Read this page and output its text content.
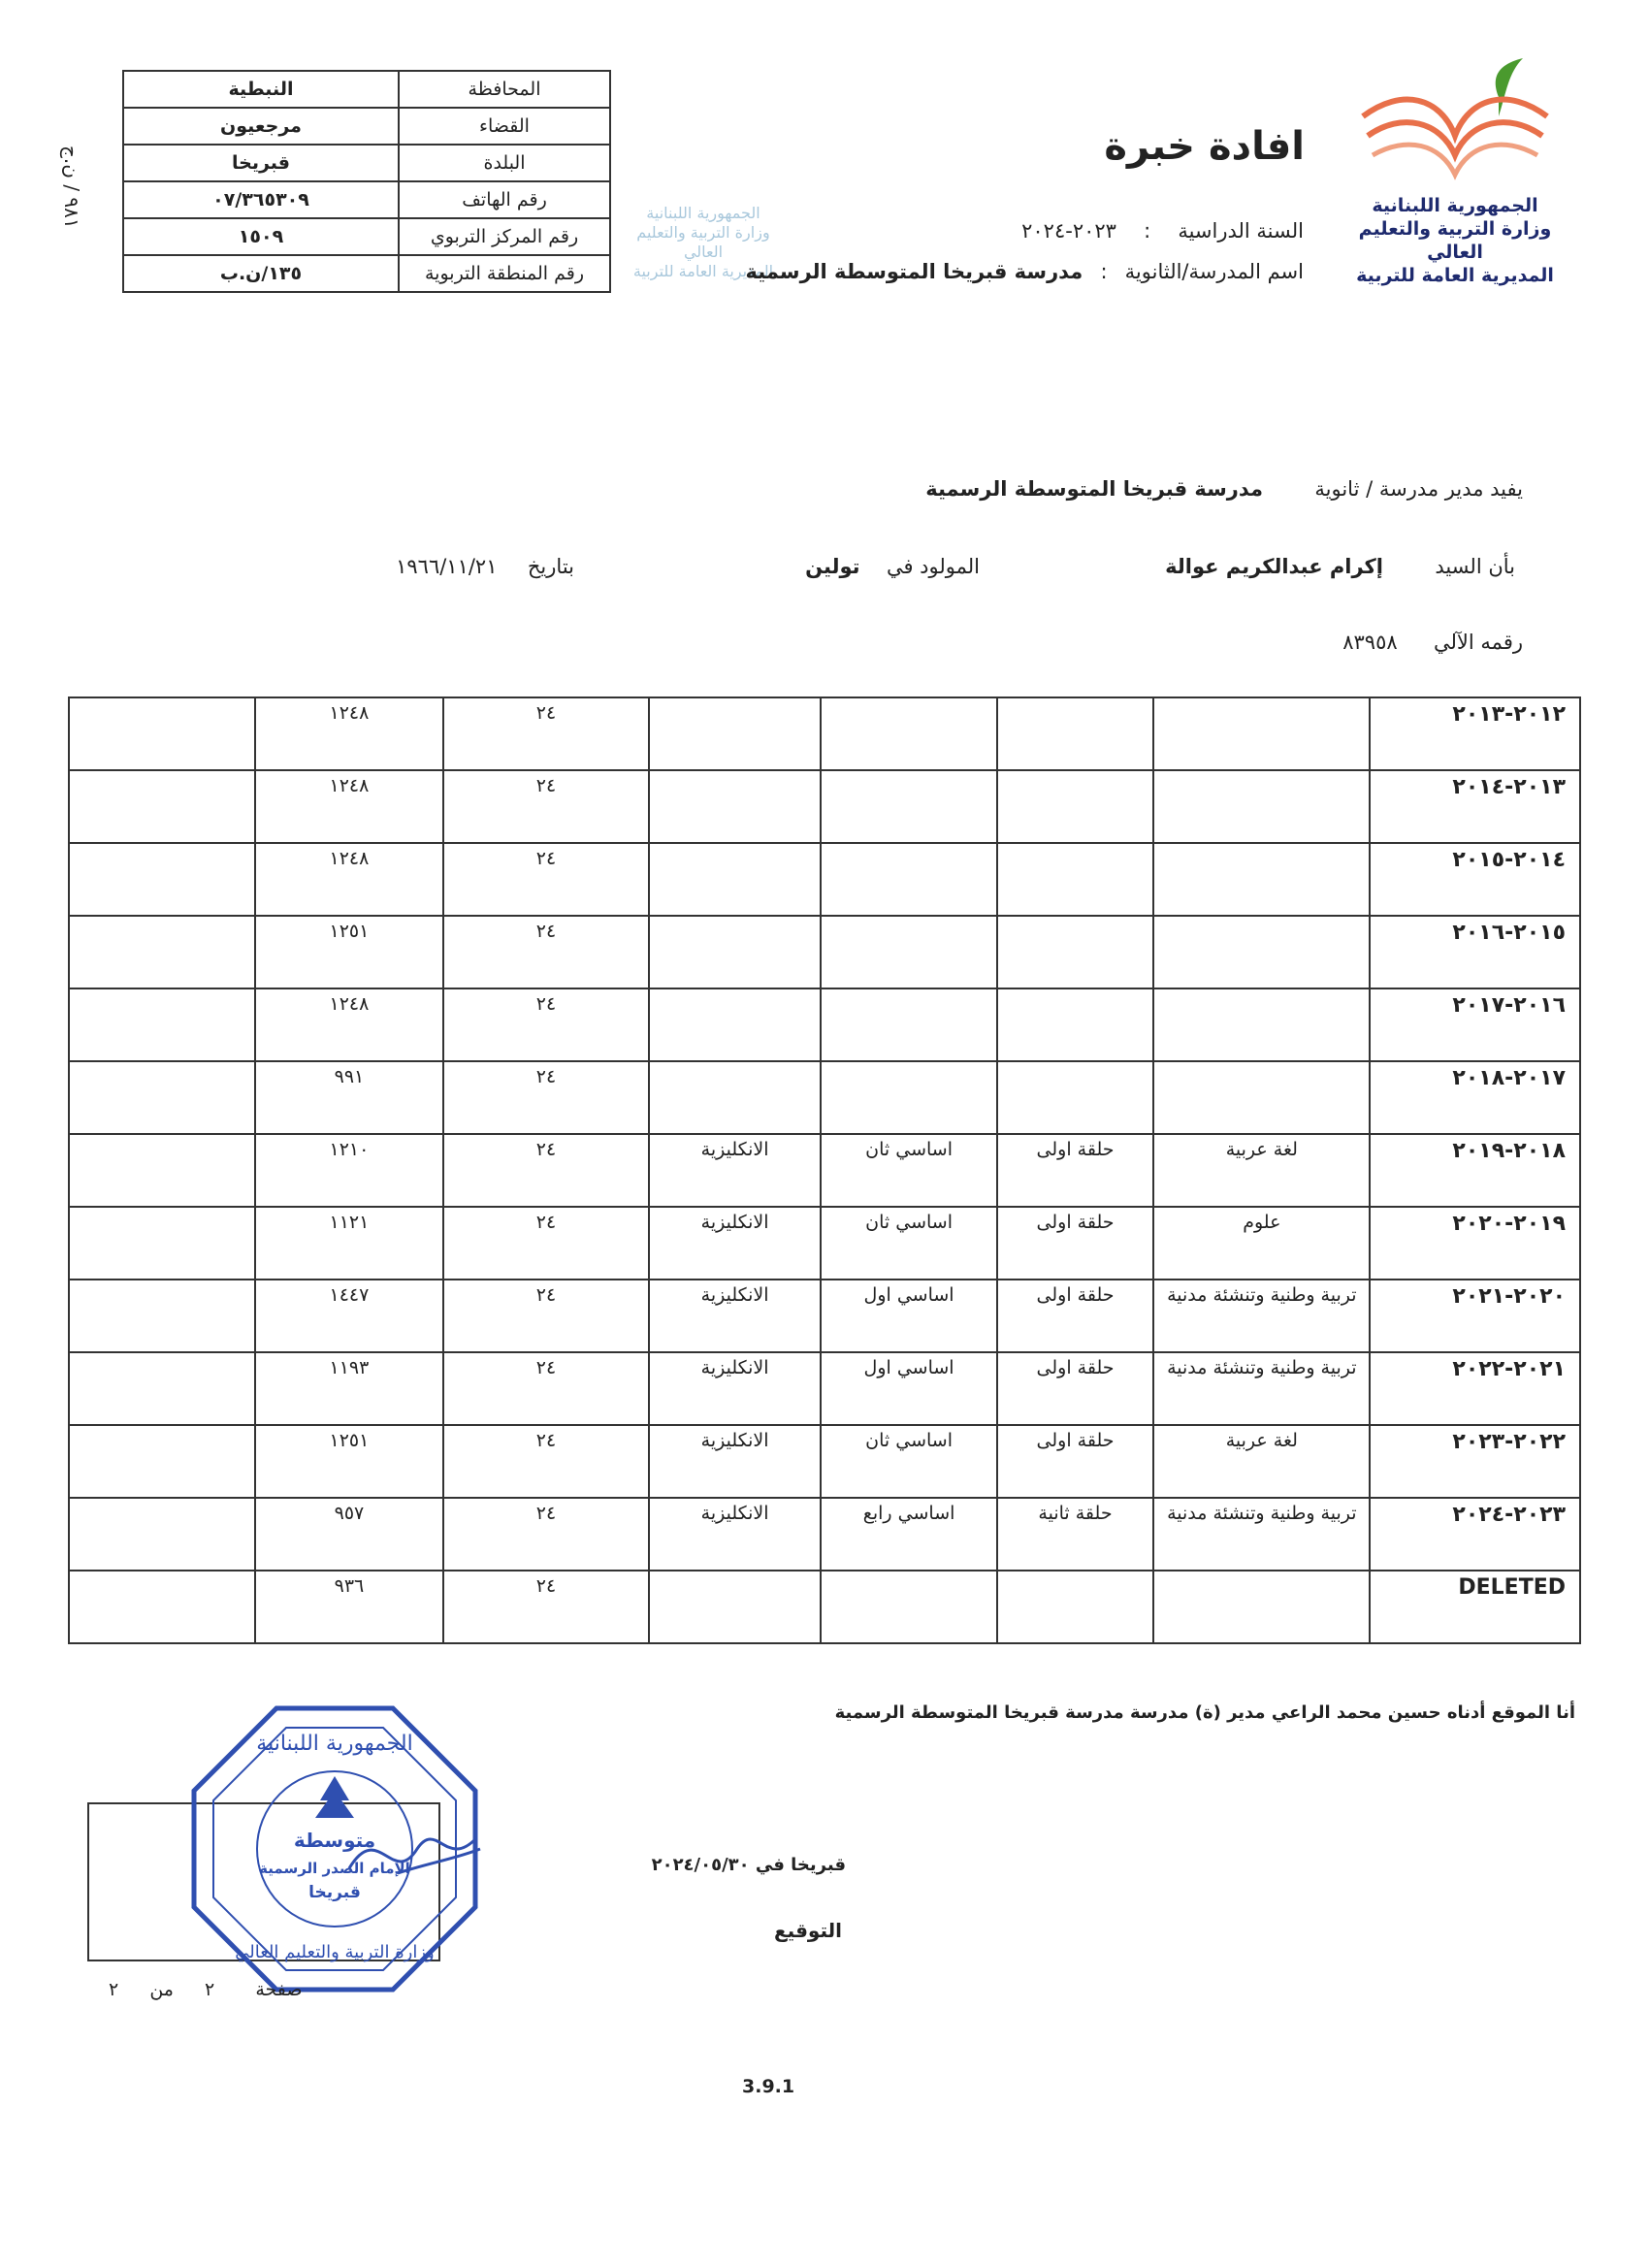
٩٨١ / ن.ج
النبطية	المحافظة
مرجعيون	القضاء
قبريخا	البلدة
٠٧/٣٦٥٣٠٩	رقم الهاتف
١٥٠٩	رقم المركز التربوي
١٣٥/ن.ب	رقم المنطقة التربوية
الجمهورية اللبنانية
وزارة التربية والتعليم العالي
المديرية العامة للتربية
الجمهورية اللبنانية
وزارة التربية والتعليم العالي
المديرية العامة للتربية
افادة خبرة
السنة الدراسية : ٢٠٢٣-٢٠٢٤
اسم المدرسة/الثانوية : مدرسة قبريخا المتوسطة الرسمية
يفيد مدير مدرسة / ثانوية  مدرسة قبريخا المتوسطة الرسمية
بأن السيد  إكرام عبدالكريم عوالة
المولود في  تولين
بتاريخ  ١٩٦٦/١١/٢١
رقمه الآلي  ٨٣٩٥٨
٢٠١٢-٢٠١٣					٢٤	١٢٤٨	
٢٠١٣-٢٠١٤					٢٤	١٢٤٨	
٢٠١٤-٢٠١٥					٢٤	١٢٤٨	
٢٠١٥-٢٠١٦					٢٤	١٢٥١	
٢٠١٦-٢٠١٧					٢٤	١٢٤٨	
٢٠١٧-٢٠١٨					٢٤	٩٩١	
٢٠١٨-٢٠١٩	لغة عربية	حلقة اولى	اساسي ثان	الانكليزية	٢٤	١٢١٠	
٢٠١٩-٢٠٢٠	علوم	حلقة اولى	اساسي ثان	الانكليزية	٢٤	١١٢١	
٢٠٢٠-٢٠٢١	تربية وطنية وتنشئة مدنية	حلقة اولى	اساسي اول	الانكليزية	٢٤	١٤٤٧	
٢٠٢١-٢٠٢٢	تربية وطنية وتنشئة مدنية	حلقة اولى	اساسي اول	الانكليزية	٢٤	١١٩٣	
٢٠٢٢-٢٠٢٣	لغة عربية	حلقة اولى	اساسي ثان	الانكليزية	٢٤	١٢٥١	
٢٠٢٣-٢٠٢٤	تربية وطنية وتنشئة مدنية	حلقة ثانية	اساسي رابع	الانكليزية	٢٤	٩٥٧	
DELETED					٢٤	٩٣٦	
أنا الموقع أدناه حسين محمد الراعي مدير (ة) مدرسة مدرسة قبريخا المتوسطة الرسمية
الجمهورية اللبنانية
متوسطة
الإمام الصدر الرسمية
قبريخا
وزارة التربية والتعليم العالي
قبريخا في ٢٠٢٤/٠٥/٣٠
التوقيع
صفحة  ٢  من  ٢
3.9.1
